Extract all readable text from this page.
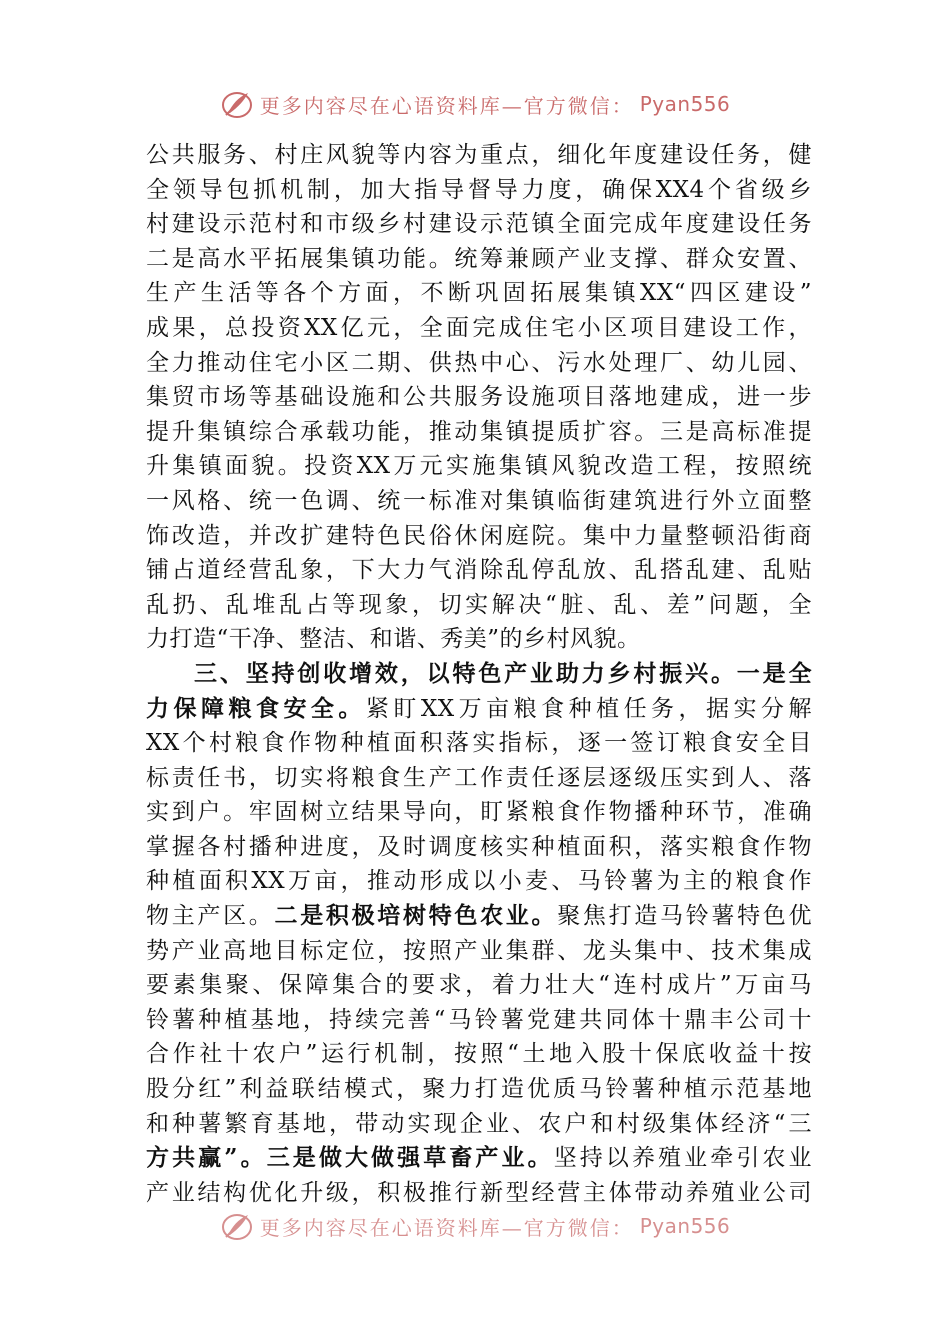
更多内容尽在心语资料库—官方微信： Pyan556
公共服务、村庄风貌等内容为重点，细化年度建设任务，健
全领导包抓机制，加大指导督导力度，确保XX4个省级乡
村建设示范村和市级乡村建设示范镇全面完成年度建设任务
二是高水平拓展集镇功能。统筹兼顾产业支撑、群众安置、
生产生活等各个方面，不断巩固拓展集镇XX“四区建设”
成果，总投资XX亿元，全面完成住宅小区项目建设工作，
全力推动住宅小区二期、供热中心、污水处理厂、幼儿园、
集贸市场等基础设施和公共服务设施项目落地建成，进一步
提升集镇综合承载功能，推动集镇提质扩容。三是高标准提
升集镇面貌。投资XX万元实施集镇风貌改造工程，按照统
一风格、统一色调、统一标准对集镇临街建筑进行外立面整
饰改造，并改扩建特色民俗休闲庭院。集中力量整顿沿街商
铺占道经营乱象，下大力气消除乱停乱放、乱搭乱建、乱贴
乱扔、乱堆乱占等现象，切实解决“脏、乱、差”问题，全
力打造“干净、整洁、和谐、秀美”的乡村风貌。
三、坚持创收增效，以特色产业助力乡村振兴。一是全
力保障粮食安全。紧盯XX万亩粮食种植任务，据实分解
XX个村粮食作物种植面积落实指标，逐一签订粮食安全目
标责任书，切实将粮食生产工作责任逐层逐级压实到人、落
实到户。牢固树立结果导向，盯紧粮食作物播种环节，准确
掌握各村播种进度，及时调度核实种植面积，落实粮食作物
种植面积XX万亩，推动形成以小麦、马铃薯为主的粮食作
物主产区。二是积极培树特色农业。聚焦打造马铃薯特色优
势产业高地目标定位，按照产业集群、龙头集中、技术集成
要素集聚、保障集合的要求，着力壮大“连村成片”万亩马
铃薯种植基地，持续完善“马铃薯党建共同体十鼎丰公司十
合作社十农户”运行机制，按照“土地入股十保底收益十按
股分红”利益联结模式，聚力打造优质马铃薯种植示范基地
和种薯繁育基地，带动实现企业、农户和村级集体经济“三
方共赢”。三是做大做强草畜产业。坚持以养殖业牵引农业
产业结构优化升级，积极推行新型经营主体带动养殖业公司
更多内容尽在心语资料库—官方微信： Pyan556
